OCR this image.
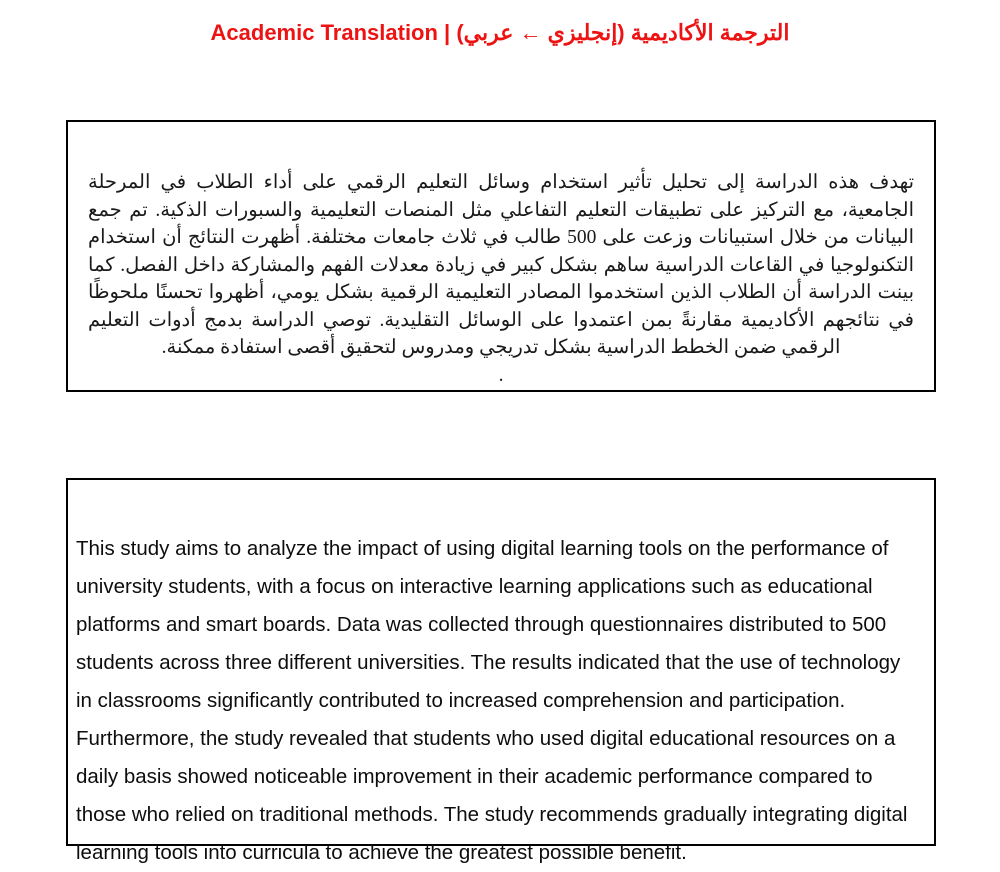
الترجمة الأكاديمية (إنجليزي ← عربي) | Academic Translation

تهدف هذه الدراسة إلى تحليل تأثير استخدام وسائل التعليم الرقمي على أداء الطلاب في المرحلة الجامعية، مع التركيز على تطبيقات التعليم التفاعلي مثل المنصات التعليمية والسبورات الذكية. تم جمع البيانات من خلال استبيانات وزعت على 500 طالب في ثلاث جامعات مختلفة. أظهرت النتائج أن استخدام التكنولوجيا في القاعات الدراسية ساهم بشكل كبير في زيادة معدلات الفهم والمشاركة داخل الفصل. كما بينت الدراسة أن الطلاب الذين استخدموا المصادر التعليمية الرقمية بشكل يومي، أظهروا تحسنًا ملحوظًا في نتائجهم الأكاديمية مقارنةً بمن اعتمدوا على الوسائل التقليدية. توصي الدراسة بدمج أدوات التعليم الرقمي ضمن الخطط الدراسية بشكل تدريجي ومدروس لتحقيق أقصى استفادة ممكنة.

.

This study aims to analyze the impact of using digital learning tools on the performance of university students, with a focus on interactive learning applications such as educational platforms and smart boards. Data was collected through questionnaires distributed to 500 students across three different universities. The results indicated that the use of technology in classrooms significantly contributed to increased comprehension and participation. Furthermore, the study revealed that students who used digital educational resources on a daily basis showed noticeable improvement in their academic performance compared to those who relied on traditional methods. The study recommends gradually integrating digital learning tools into curricula to achieve the greatest possible benefit.
